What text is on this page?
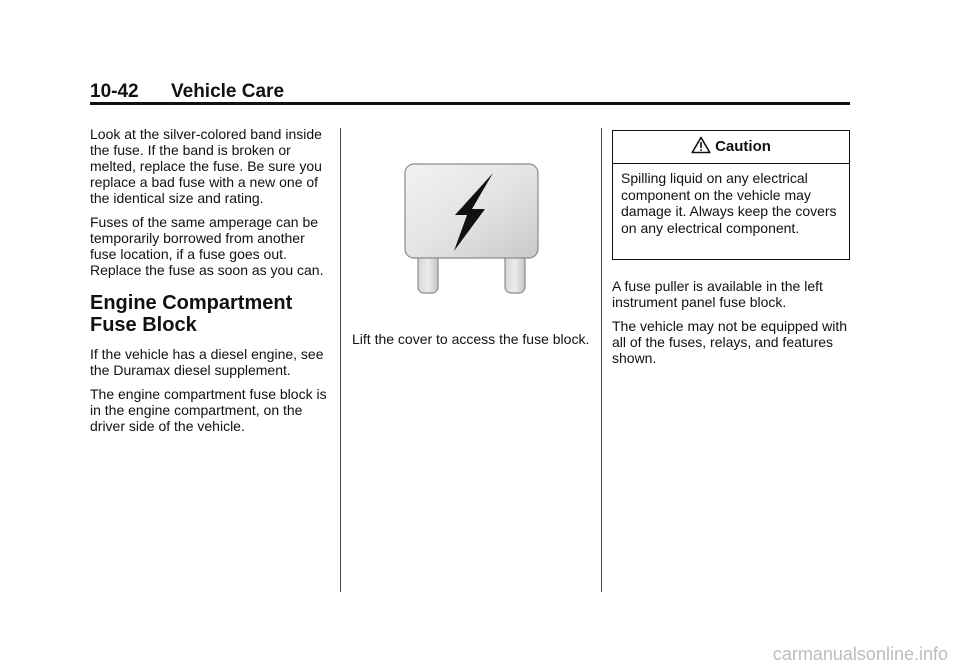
10-42 Vehicle Care

Look at the silver-colored band inside the fuse. If the band is broken or melted, replace the fuse. Be sure you replace a bad fuse with a new one of the identical size and rating.

Fuses of the same amperage can be temporarily borrowed from another fuse location, if a fuse goes out. Replace the fuse as soon as you can.

Engine Compartment Fuse Block

If the vehicle has a diesel engine, see the Duramax diesel supplement.

The engine compartment fuse block is in the engine compartment, on the driver side of the vehicle.

Lift the cover to access the fuse block.

Caution
Spilling liquid on any electrical component on the vehicle may damage it. Always keep the covers on any electrical component.

A fuse puller is available in the left instrument panel fuse block.

The vehicle may not be equipped with all of the fuses, relays, and features shown.

carmanualsonline.info
